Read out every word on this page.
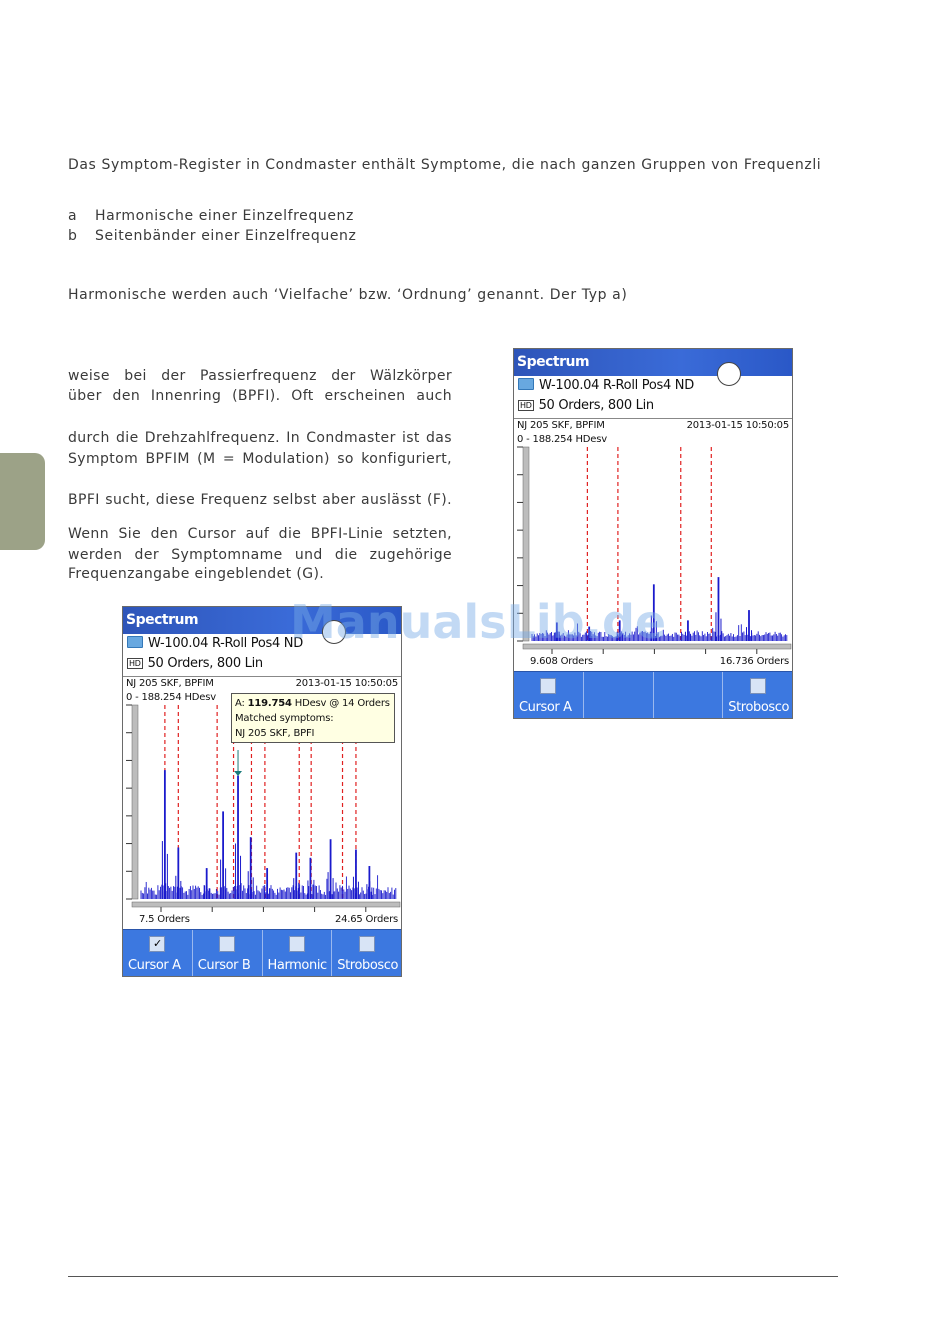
Das Symptom-Register in Condmaster enthält Symptome, die nach ganzen Gruppen von Frequenzli
a Harmonische einer Einzelfrequenz
b Seitenbänder einer Einzelfrequenz
Harmonische werden auch ‘Vielfache’ bzw. ‘Ordnung’ genannt. Der Typ a)
weise bei der Passierfrequenz der Wälzkörper
über den Innenring (BPFI). Oft erscheinen auch
durch die Drehzahlfrequenz. In Condmaster ist das
Symptom BPFIM (M = Modulation) so konfiguriert,
BPFI sucht, diese Frequenz selbst aber auslässt (F).
Wenn Sie den Cursor auf die BPFI-Linie setzten,
werden der Symptomname und die zugehörige
Frequenzangabe eingeblendet (G).
Spectrum
W-100.04 R-Roll Pos4 ND
HD 50 Orders, 800 Lin
NJ 205 SKF, BPFIM	2013-01-15 10:50:05
0 - 188.254 HDesv
9.608 Orders	16.736 Orders
Cursor A	Strobosco
Spectrum
W-100.04 R-Roll Pos4 ND
HD 50 Orders, 800 Lin
NJ 205 SKF, BPFIM	2013-01-15 10:50:05
0 - 188.254 HDesv
A: 119.754 HDesv @ 14 Orders
Matched symptoms:
NJ 205 SKF, BPFI
7.5 Orders	24.65 Orders
✓
Cursor A Cursor B Harmonic Strobosco
ManualsLib.de
